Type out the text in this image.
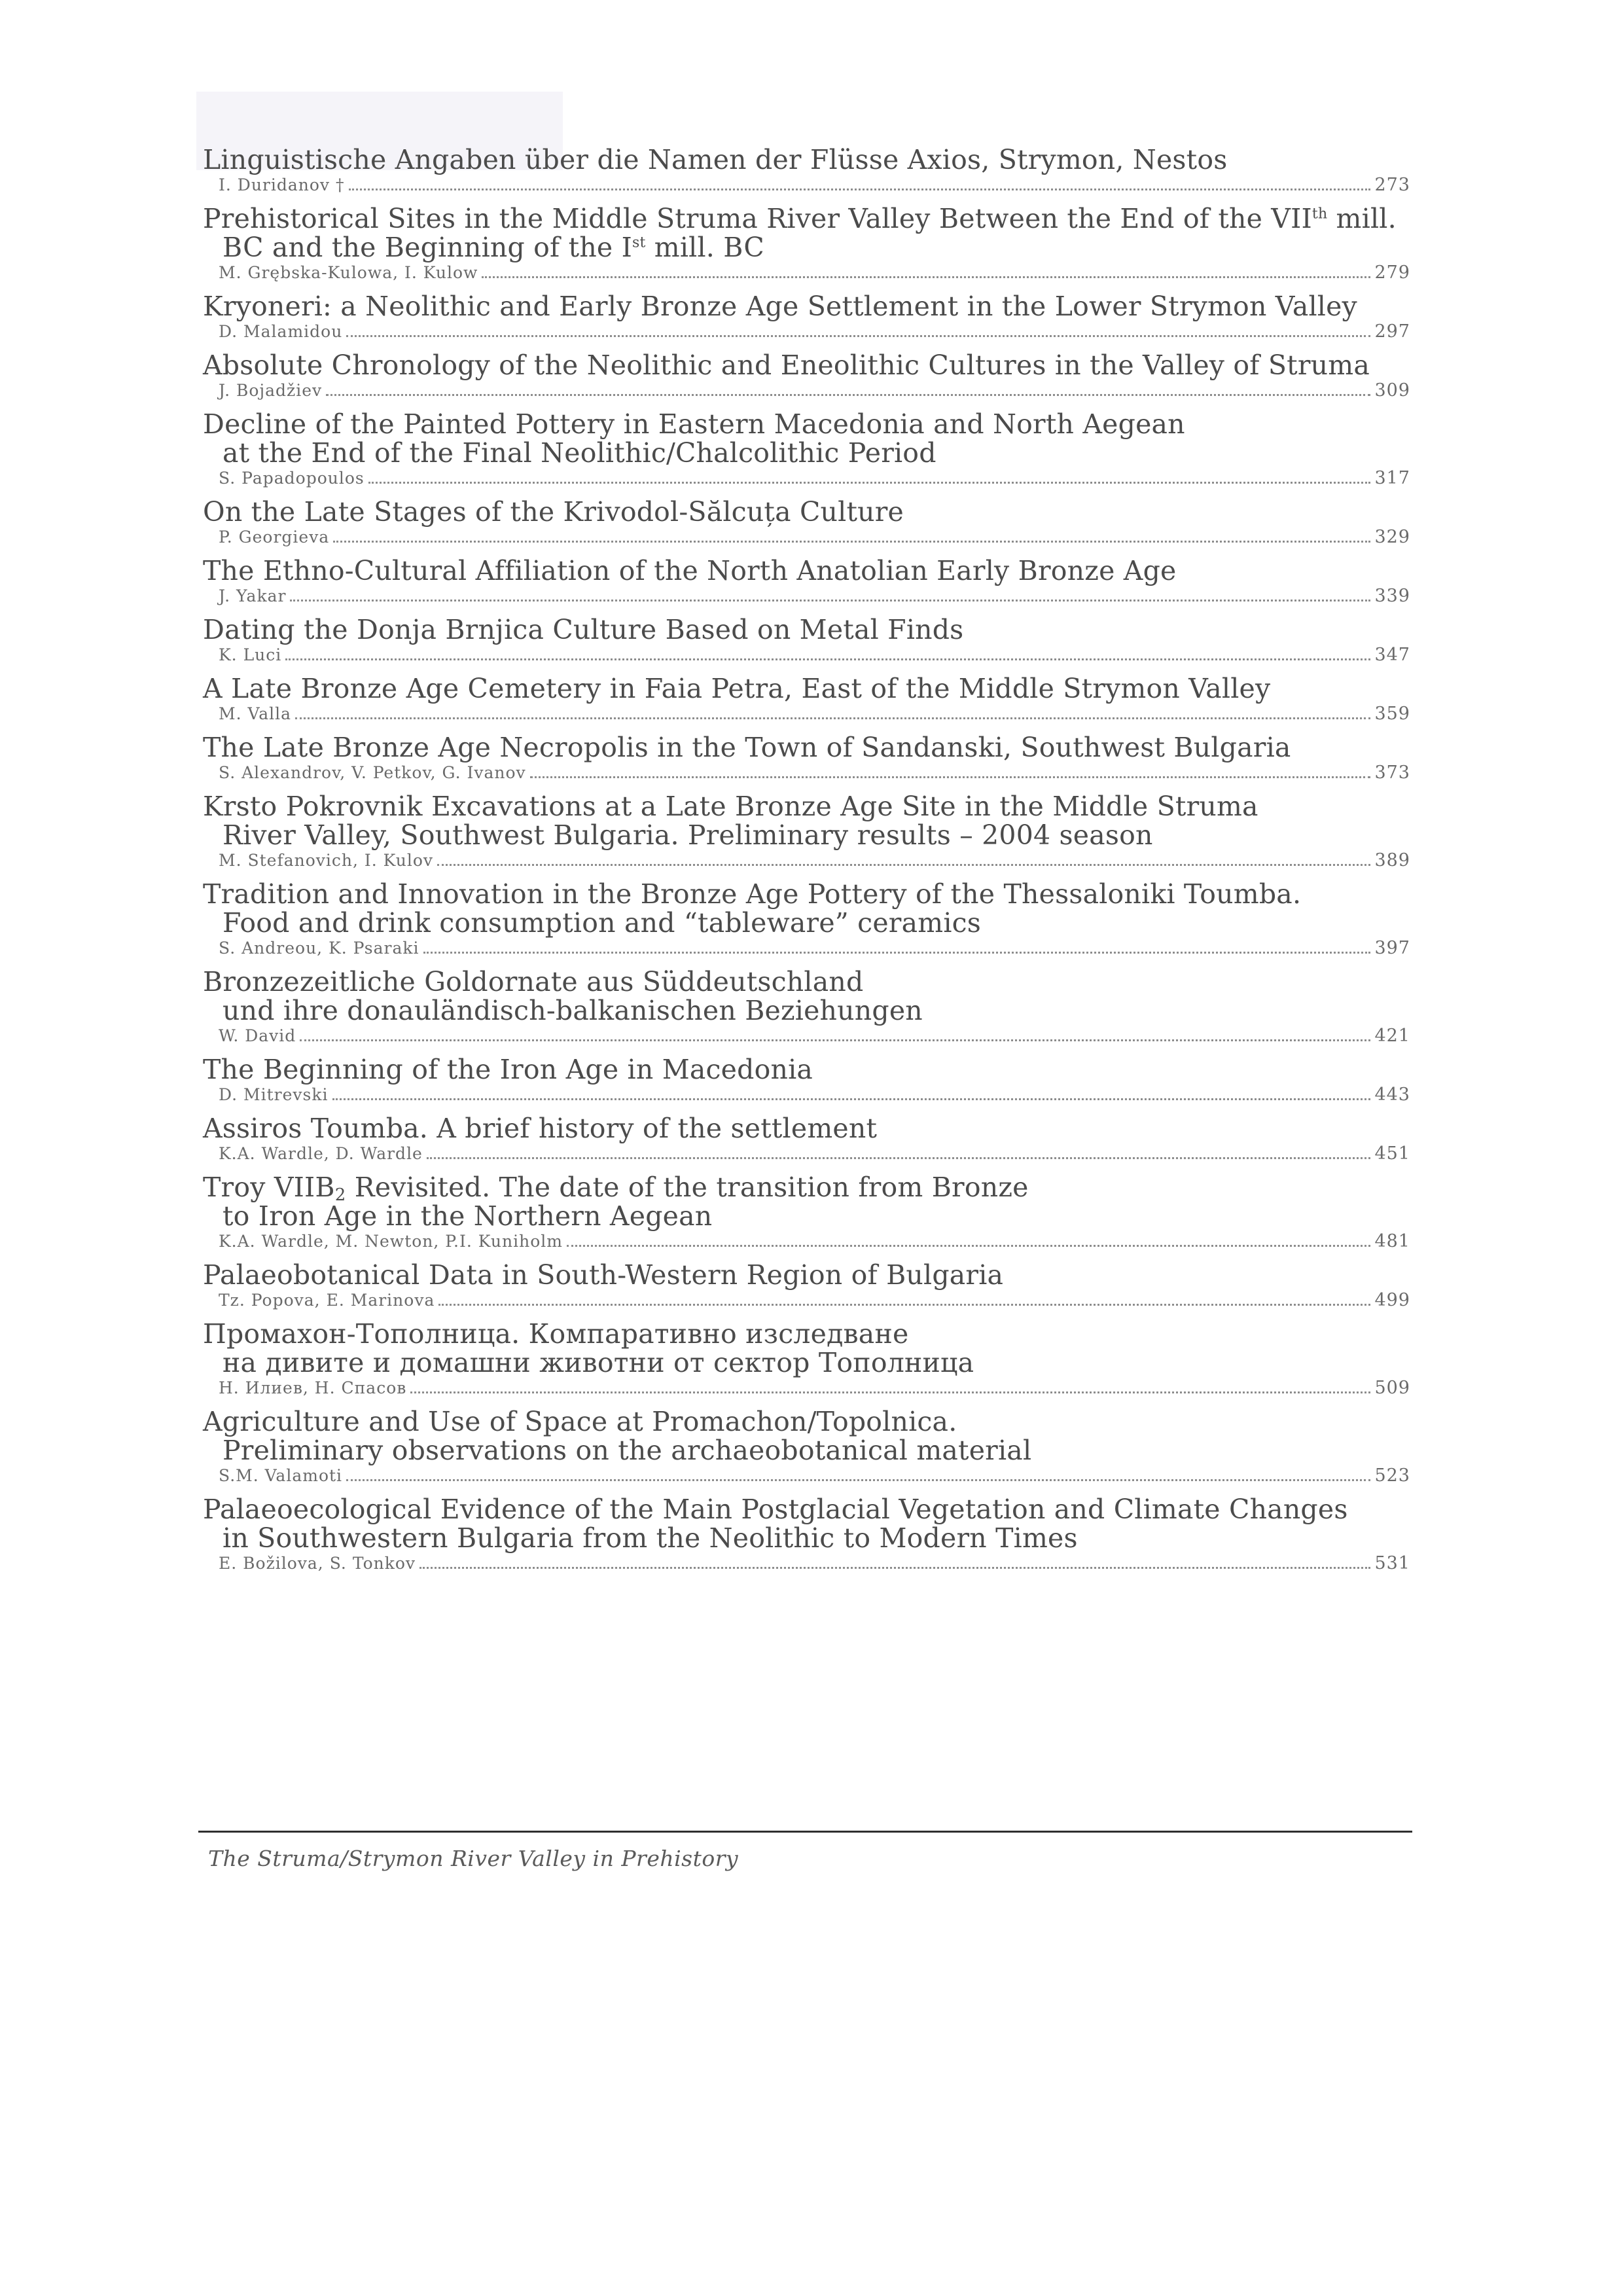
Linguistische Angaben über die Namen der Flüsse Axios, Strymon, Nestos
I. Duridanov †	273
Prehistorical Sites in the Middle Struma River Valley Between the End of the VIIth mill.
BC and the Beginning of the Ist mill. BC
M. Grębska-Kulowa, I. Kulow	279
Kryoneri: a Neolithic and Early Bronze Age Settlement in the Lower Strymon Valley
D. Malamidou	297
Absolute Chronology of the Neolithic and Eneolithic Cultures in the Valley of Struma
J. Bojadžiev	309
Decline of the Painted Pottery in Eastern Macedonia and North Aegean
at the End of the Final Neolithic/Chalcolithic Period
S. Papadopoulos	317
On the Late Stages of the Krivodol-Sălcuța Culture
P. Georgieva	329
The Ethno-Cultural Affiliation of the North Anatolian Early Bronze Age
J. Yakar	339
Dating the Donja Brnjica Culture Based on Metal Finds
K. Luci	347
A Late Bronze Age Cemetery in Faia Petra, East of the Middle Strymon Valley
M. Valla	359
The Late Bronze Age Necropolis in the Town of Sandanski, Southwest Bulgaria
S. Alexandrov, V. Petkov, G. Ivanov	373
Krsto Pokrovnik Excavations at a Late Bronze Age Site in the Middle Struma
River Valley, Southwest Bulgaria. Preliminary results – 2004 season
M. Stefanovich, I. Kulov	389
Tradition and Innovation in the Bronze Age Pottery of the Thessaloniki Toumba.
Food and drink consumption and “tableware” ceramics
S. Andreou, K. Psaraki	397
Bronzezeitliche Goldornate aus Süddeutschland
und ihre donauländisch-balkanischen Beziehungen
W. David	421
The Beginning of the Iron Age in Macedonia
D. Mitrevski	443
Assiros Toumba. A brief history of the settlement
K.A. Wardle, D. Wardle	451
Troy $VIIB_2$ Revisited. The date of the transition from Bronze
to Iron Age in the Northern Aegean
K.A. Wardle, M. Newton, P.I. Kuniholm	481
Palaeobotanical Data in South-Western Region of Bulgaria
Tz. Popova, E. Marinova	499
Промахон-Тополница. Компаративно изследване
на дивите и домашни животни от сектор Тополница
Н. Илиев, Н. Спасов	509
Agriculture and Use of Space at Promachon/Topolnica.
Preliminary observations on the archaeobotanical material
S.M. Valamoti	523
Palaeoecological Evidence of the Main Postglacial Vegetation and Climate Changes
in Southwestern Bulgaria from the Neolithic to Modern Times
E. Božilova, S. Tonkov	531
The Struma/Strymon River Valley in Prehistory
